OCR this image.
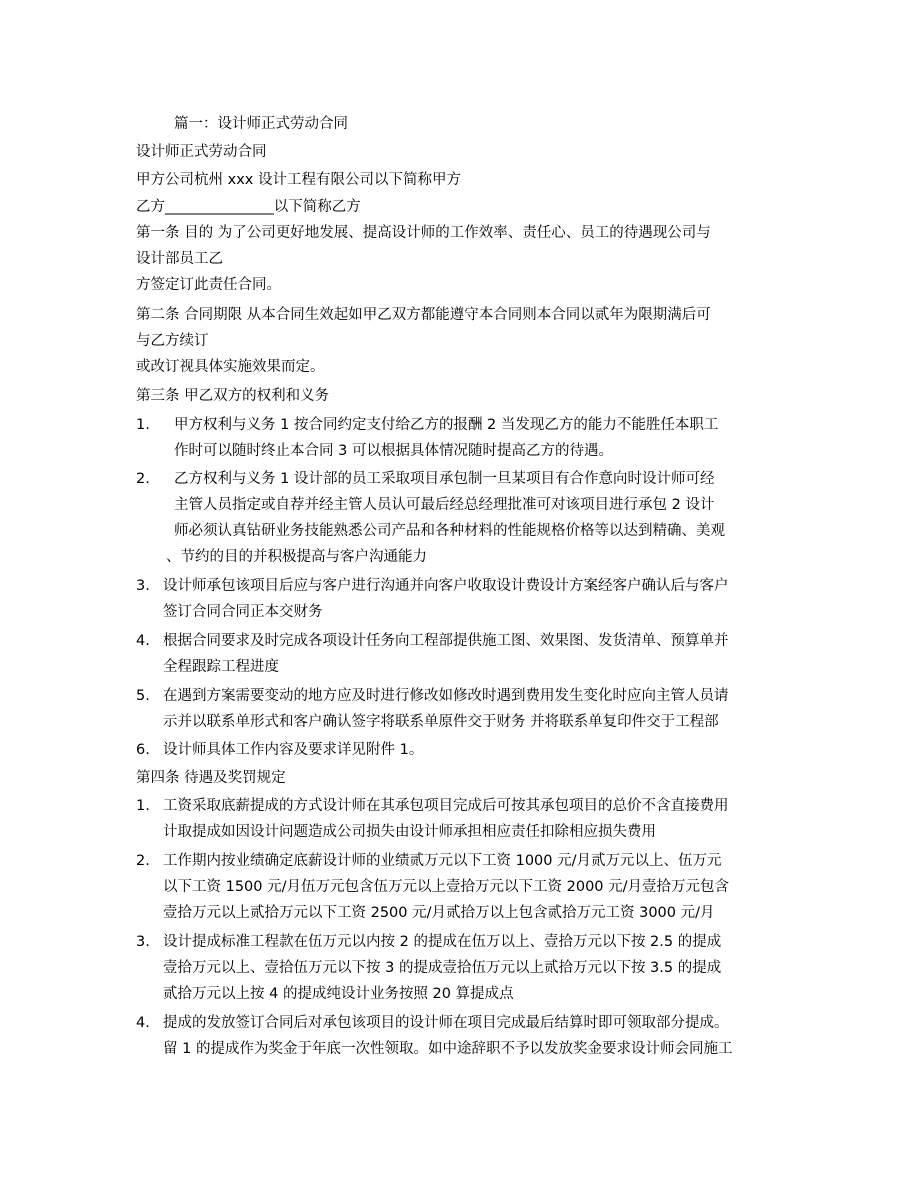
篇一：设计师正式劳动合同
设计师正式劳动合同
甲方公司杭州 xxx 设计工程有限公司以下简称甲方
乙方_______________以下简称乙方
第一条 目的 为了公司更好地发展、提高设计师的工作效率、责任心、员工的待遇现公司与
设计部员工乙
方签定订此责任合同。
第二条 合同期限 从本合同生效起如甲乙双方都能遵守本合同则本合同以贰年为限期满后可
与乙方续订
或改订视具体实施效果而定。
第三条 甲乙双方的权利和义务
1. 甲方权利与义务 1 按合同约定支付给乙方的报酬 2 当发现乙方的能力不能胜任本职工
作时可以随时终止本合同 3 可以根据具体情况随时提高乙方的待遇。
2. 乙方权利与义务 1 设计部的员工采取项目承包制一旦某项目有合作意向时设计师可经
主管人员指定或自荐并经主管人员认可最后经总经理批准可对该项目进行承包 2 设计
师必须认真钻研业务技能熟悉公司产品和各种材料的性能规格价格等以达到精确、美观
、节约的目的并积极提高与客户沟通能力
3. 设计师承包该项目后应与客户进行沟通并向客户收取设计费设计方案经客户确认后与客户
签订合同合同正本交财务
4. 根据合同要求及时完成各项设计任务向工程部提供施工图、效果图、发货清单、预算单并
全程跟踪工程进度
5. 在遇到方案需要变动的地方应及时进行修改如修改时遇到费用发生变化时应向主管人员请
示并以联系单形式和客户确认签字将联系单原件交于财务 并将联系单复印件交于工程部
6. 设计师具体工作内容及要求详见附件 1。
第四条 待遇及奖罚规定
1. 工资采取底薪提成的方式设计师在其承包项目完成后可按其承包项目的总价不含直接费用
计取提成如因设计问题造成公司损失由设计师承担相应责任扣除相应损失费用
2. 工作期内按业绩确定底薪设计师的业绩贰万元以下工资 1000 元/月贰万元以上、伍万元
以下工资 1500 元/月伍万元包含伍万元以上壹拾万元以下工资 2000 元/月壹拾万元包含
壹拾万元以上贰拾万元以下工资 2500 元/月贰拾万以上包含贰拾万元工资 3000 元/月
3. 设计提成标准工程款在伍万元以内按 2 的提成在伍万以上、壹拾万元以下按 2.5 的提成
壹拾万元以上、壹拾伍万元以下按 3 的提成壹拾伍万元以上贰拾万元以下按 3.5 的提成
贰拾万元以上按 4 的提成纯设计业务按照 20 算提成点
4. 提成的发放签订合同后对承包该项目的设计师在项目完成最后结算时即可领取部分提成。
留 1 的提成作为奖金于年底一次性领取。如中途辞职不予以发放奖金要求设计师会同施工
